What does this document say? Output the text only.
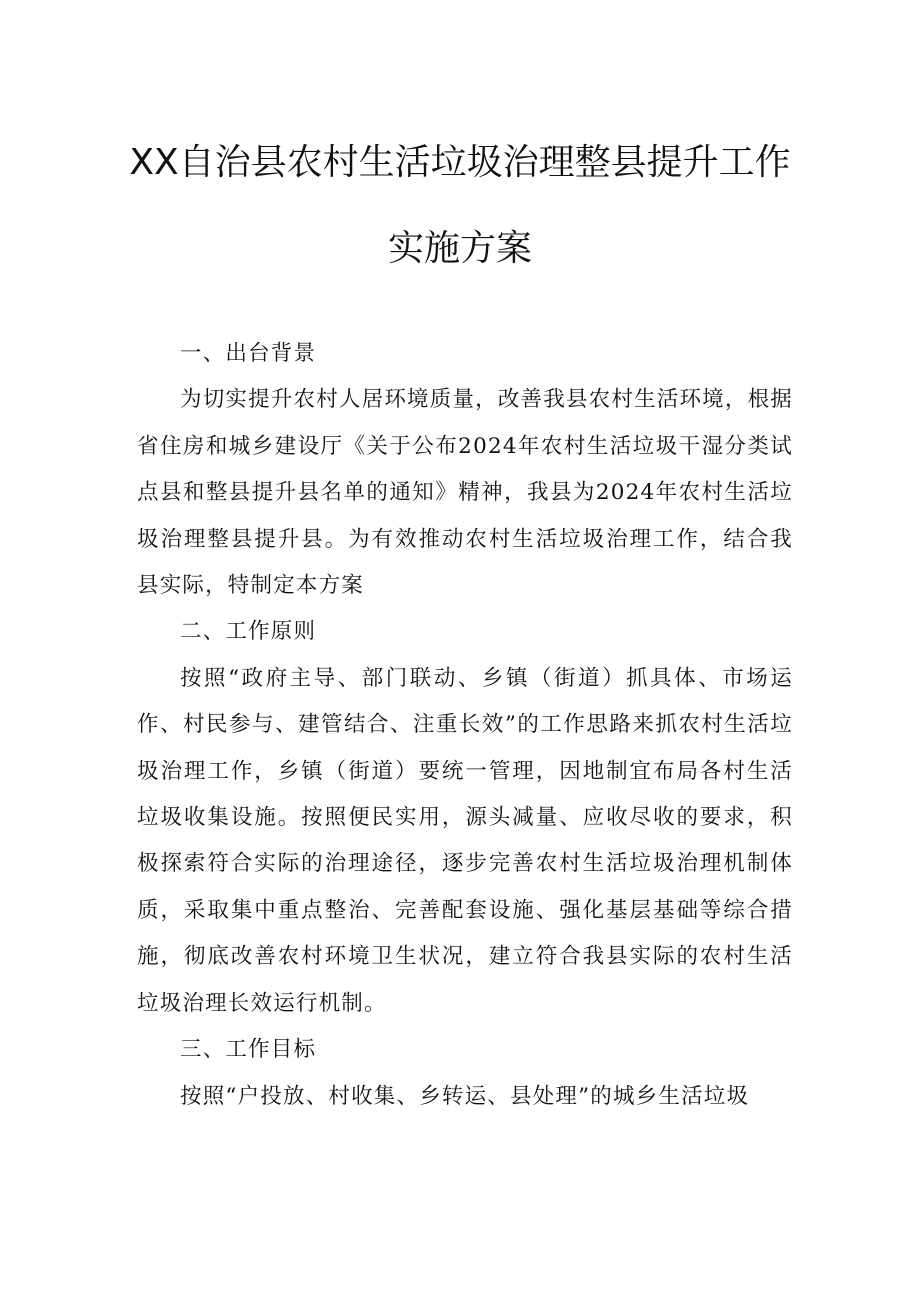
XX自治县农村生活垃圾治理整县提升工作
实施方案

一、出台背景

为切实提升农村人居环境质量，改善我县农村生活环境，根据省住房和城乡建设厅《关于公布2024年农村生活垃圾干湿分类试点县和整县提升县名单的通知》精神，我县为2024年农村生活垃圾治理整县提升县。为有效推动农村生活垃圾治理工作，结合我县实际，特制定本方案

二、工作原则

按照“政府主导、部门联动、乡镇（街道）抓具体、市场运作、村民参与、建管结合、注重长效”的工作思路来抓农村生活垃圾治理工作，乡镇（街道）要统一管理，因地制宜布局各村生活垃圾收集设施。按照便民实用，源头减量、应收尽收的要求，积极探索符合实际的治理途径，逐步完善农村生活垃圾治理机制体质，采取集中重点整治、完善配套设施、强化基层基础等综合措施，彻底改善农村环境卫生状况，建立符合我县实际的农村生活垃圾治理长效运行机制。

三、工作目标

按照“户投放、村收集、乡转运、县处理”的城乡生活垃圾
